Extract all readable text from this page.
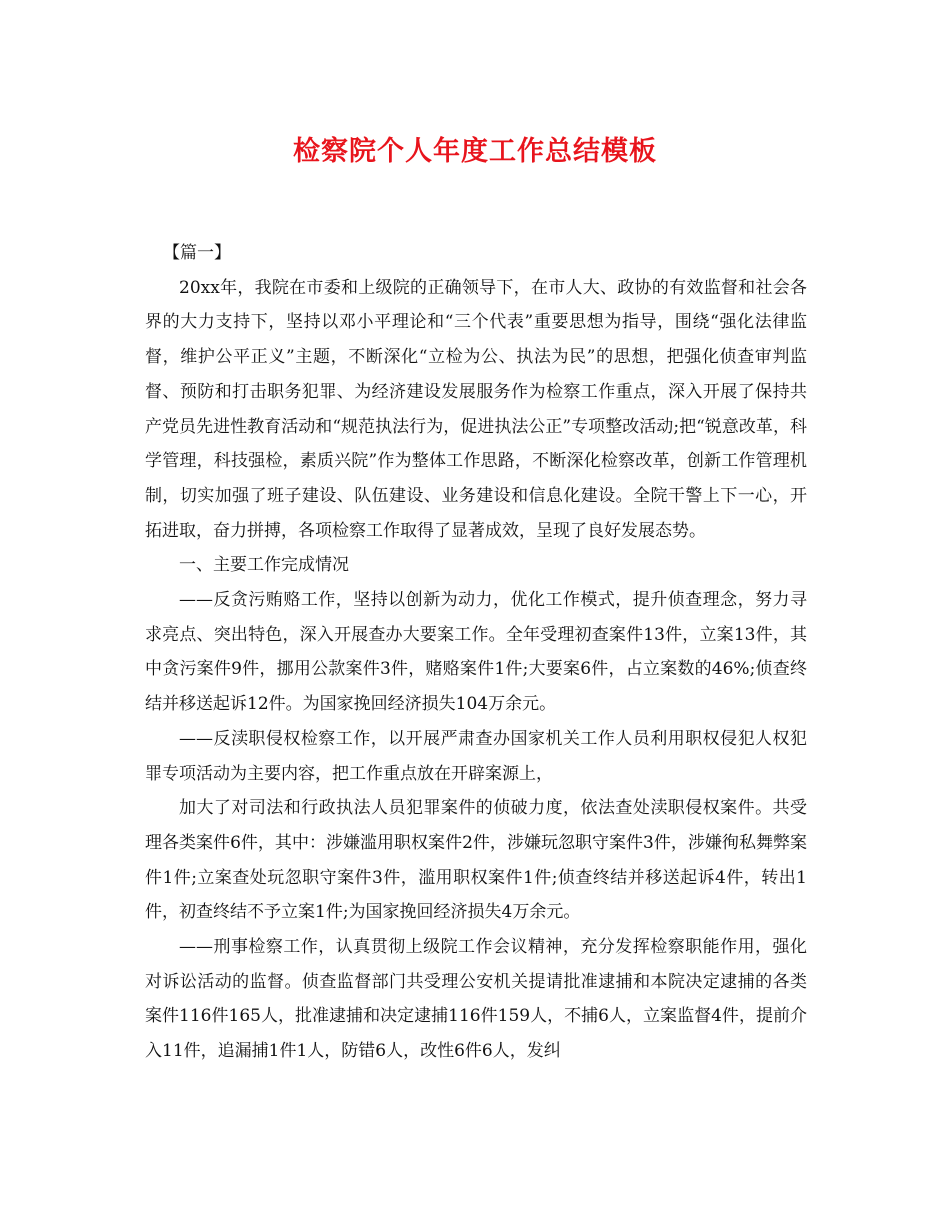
检察院个人年度工作总结模板

【篇一】

20xx年，我院在市委和上级院的正确领导下，在市人大、政协的有效监督和社会各界的大力支持下，坚持以邓小平理论和“三个代表”重要思想为指导，围绕“强化法律监督，维护公平正义”主题，不断深化“立检为公、执法为民”的思想，把强化侦查审判监督、预防和打击职务犯罪、为经济建设发展服务作为检察工作重点，深入开展了保持共产党员先进性教育活动和“规范执法行为，促进执法公正”专项整改活动;把“锐意改革，科学管理，科技强检，素质兴院”作为整体工作思路，不断深化检察改革，创新工作管理机制，切实加强了班子建设、队伍建设、业务建设和信息化建设。全院干警上下一心，开拓进取，奋力拼搏，各项检察工作取得了显著成效，呈现了良好发展态势。

一、主要工作完成情况

——反贪污贿赂工作，坚持以创新为动力，优化工作模式，提升侦查理念，努力寻求亮点、突出特色，深入开展查办大要案工作。全年受理初查案件13件，立案13件，其中贪污案件9件，挪用公款案件3件，赌赂案件1件;大要案6件，占立案数的46%;侦查终结并移送起诉12件。为国家挽回经济损失104万余元。

——反渎职侵权检察工作，以开展严肃查办国家机关工作人员利用职权侵犯人权犯罪专项活动为主要内容，把工作重点放在开辟案源上，

加大了对司法和行政执法人员犯罪案件的侦破力度，依法查处渎职侵权案件。共受理各类案件6件，其中：涉嫌滥用职权案件2件，涉嫌玩忽职守案件3件，涉嫌徇私舞弊案件1件;立案查处玩忽职守案件3件，滥用职权案件1件;侦查终结并移送起诉4件，转出1件，初查终结不予立案1件;为国家挽回经济损失4万余元。

——刑事检察工作，认真贯彻上级院工作会议精神，充分发挥检察职能作用，强化对诉讼活动的监督。侦查监督部门共受理公安机关提请批准逮捕和本院决定逮捕的各类案件116件165人，批准逮捕和决定逮捕116件159人，不捕6人，立案监督4件，提前介入11件，追漏捕1件1人，防错6人，改性6件6人，发纠
